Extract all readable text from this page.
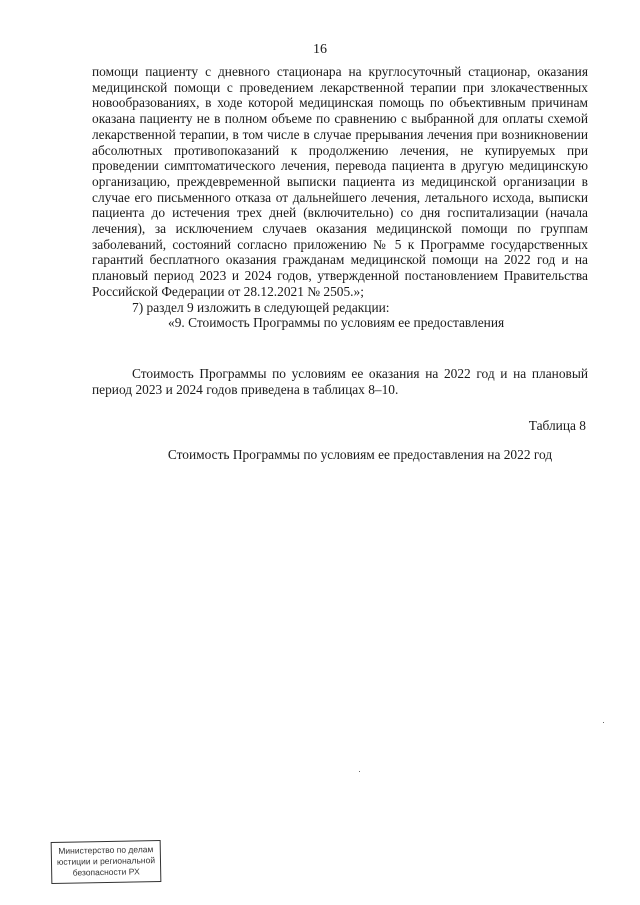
16

помощи пациенту с дневного стационара на круглосуточный стационар, оказания медицинской помощи с проведением лекарственной терапии при злокачественных новообразованиях, в ходе которой медицинская помощь по объективным причинам оказана пациенту не в полном объеме по сравнению с выбранной для оплаты схемой лекарственной терапии, в том числе в случае прерывания лечения при возникновении абсолютных противопоказаний к продолжению лечения, не купируемых при проведении симптоматического лечения, перевода пациента в другую медицинскую организацию, преждевременной выписки пациента из медицинской организации в случае его письменного отказа от дальнейшего лечения, летального исхода, выписки пациента до истечения трех дней (включительно) со дня госпитализации (начала лечения), за исключением случаев оказания медицинской помощи по группам заболеваний, состояний согласно приложению № 5 к Программе государственных гарантий бесплатного оказания гражданам медицинской помощи на 2022 год и на плановый период 2023 и 2024 годов, утвержденной постановлением Правительства Российской Федерации от 28.12.2021 № 2505.»;

7) раздел 9 изложить в следующей редакции:

«9. Стоимость Программы по условиям ее предоставления

Стоимость Программы по условиям ее оказания на 2022 год и на плановый период 2023 и 2024 годов приведена в таблицах 8–10.

Таблица 8

Стоимость Программы по условиям ее предоставления на 2022 год

Министерство по делам
юстиции и региональной
безопасности РХ
